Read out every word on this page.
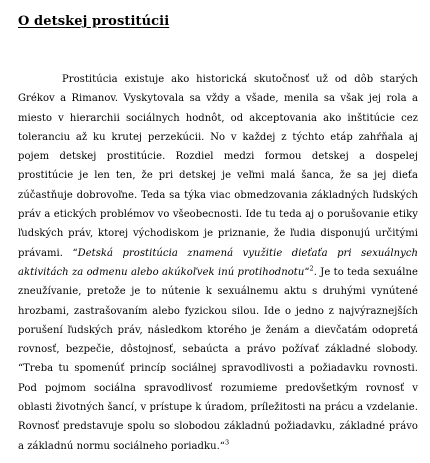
O detskej prostitúcii

Prostitúcia existuje ako historická skutočnosť už od dôb starých Grékov a Rimanov. Vyskytovala sa vždy a všade, menila sa však jej rola a miesto v hierarchii sociálnych hodnôt, od akceptovania ako inštitúcie cez toleranciu až ku krutej perzekúcii. No v každej z týchto etáp zahŕňala aj pojem detskej prostitúcie. Rozdiel medzi formou detskej a dospelej prostitúcie je len ten, že pri detskej je veľmi malá šanca, že sa jej dieťa zúčastňuje dobrovoľne. Teda sa týka viac obmedzovania základných ľudských práv a etických problémov vo všeobecnosti. Ide tu teda aj o porušovanie etiky ľudských práv, ktorej východiskom je priznanie, že ľudia disponujú určitými právami. “Detská prostitúcia znamená využitie dieťaťa pri sexuálnych aktivitách za odmenu alebo akúkoľvek inú protihodnotu“$^2$. Je to teda sexuálne zneužívanie, pretože je to nútenie k sexuálnemu aktu s druhými vynútené hrozbami, zastrašovaním alebo fyzickou silou. Ide o jedno z najvýraznejších porušení ľudských práv, následkom ktorého je ženám a dievčatám odopretá rovnosť, bezpečie, dôstojnosť, sebaúcta a právo požívať základné slobody. “Treba tu spomenúť princíp sociálnej spravodlivosti a požiadavku rovnosti. Pod pojmom sociálna spravodlivosť rozumieme predovšetkým rovnosť v oblasti životných šancí, v prístupe k úradom, príležitosti na prácu a vzdelanie. Rovnosť predstavuje spolu so slobodou základnú požiadavku, základné právo a základnú normu sociálneho poriadku.“$^3$
